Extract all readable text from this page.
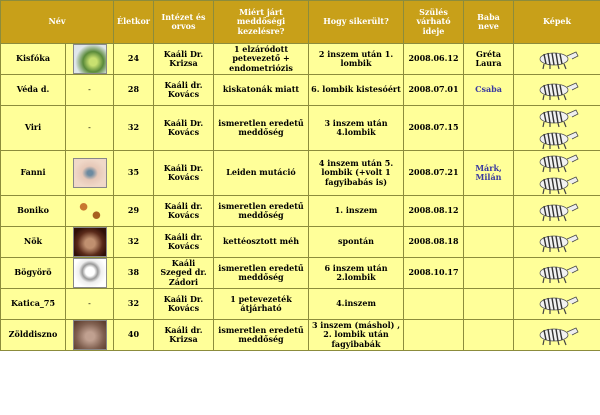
Név		Életkor	Intézet és orvos	Miért járt meddőségi kezelésre?	Hogy sikerült?	Szülés várható ideje	Baba neve	Képek
Kisfóka		24	Kaáli Dr. Krizsa	1 elzáródott petevezető + endometriózis	2 inszem után 1. lombik	2008.06.12	Gréta Laura	

Véda d.	-	28	Kaáli dr. Kovács	kiskatonák miatt	6. lombik kistesóért	2008.07.01	Csaba	

Viri	-	32	Kaáli Dr. Kovács	ismeretlen eredetű meddőség	3 inszem után 4.lombik	2008.07.15		

Fanni		35	Kaáli Dr. Kovács	Leiden mutáció	4 inszem után 5. lombik (+volt 1 fagyibabás is)	2008.07.21	Márk, Milán	

Boniko		29	Kaáli dr. Kovács	ismeretlen eredetű meddőség	1. inszem	2008.08.12		

Nök		32	Kaáli dr. Kovács	kettéosztott méh	spontán	2008.08.18		

Bögyörö		38	Kaáli Szeged dr. Zádori	ismeretlen eredetű meddőség	6 inszem után 2.lombik	2008.10.17		

Katica_75	-	32	Kaáli Dr. Kovács	1 petevezeték átjárható	4.inszem			

Zölddiszno		40	Kaáli dr. Krizsa	ismeretlen eredetű meddőség	3 inszem (máshol) , 2. lombik után fagyibabák			
